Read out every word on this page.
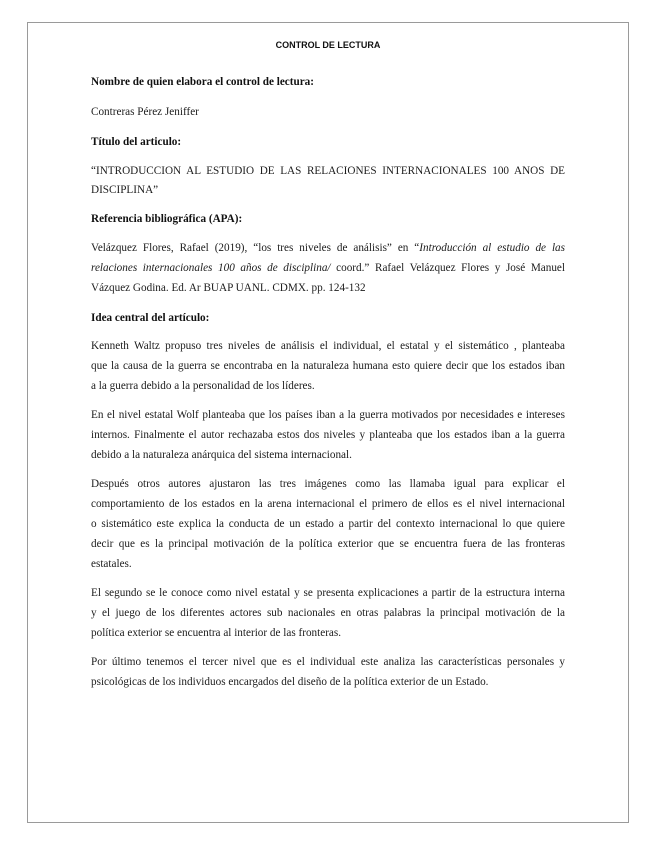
CONTROL DE LECTURA
Nombre de quien elabora el control de lectura:
Contreras Pérez Jeniffer
Título del articulo:
“INTRODUCCION AL ESTUDIO DE LAS RELACIONES INTERNACIONALES 100 ANOS DE
DISCIPLINA”
Referencia bibliográfica (APA):
Velázquez Flores, Rafael (2019), “los tres niveles de análisis” en “Introducción al estudio de las
relaciones internacionales 100 años de disciplina/ coord.” Rafael Velázquez Flores y José Manuel
Vázquez Godina. Ed. Ar BUAP UANL. CDMX. pp. 124-132
Idea central del artículo:
Kenneth Waltz propuso tres niveles de análisis el individual, el estatal y el sistemático , planteaba
que la causa de la guerra se encontraba en la naturaleza humana esto quiere decir que los estados iban
a la guerra debido a la personalidad de los líderes.
En el nivel estatal Wolf planteaba que los países iban a la guerra motivados por necesidades e intereses
internos. Finalmente el autor rechazaba estos dos niveles y planteaba que los estados iban a la guerra
debido a la naturaleza anárquica del sistema internacional.
Después otros autores ajustaron las tres imágenes como las llamaba igual para explicar el
comportamiento de los estados en la arena internacional el primero de ellos es el nivel internacional
o sistemático este explica la conducta de un estado a partir del contexto internacional lo que quiere
decir que es la principal motivación de la política exterior que se encuentra fuera de las fronteras
estatales.
El segundo se le conoce como nivel estatal y se presenta explicaciones a partir de la estructura interna
y el juego de los diferentes actores sub nacionales en otras palabras la principal motivación de la
política exterior se encuentra al interior de las fronteras.
Por último tenemos el tercer nivel que es el individual este analiza las características personales y
psicológicas de los individuos encargados del diseño de la política exterior de un Estado.
